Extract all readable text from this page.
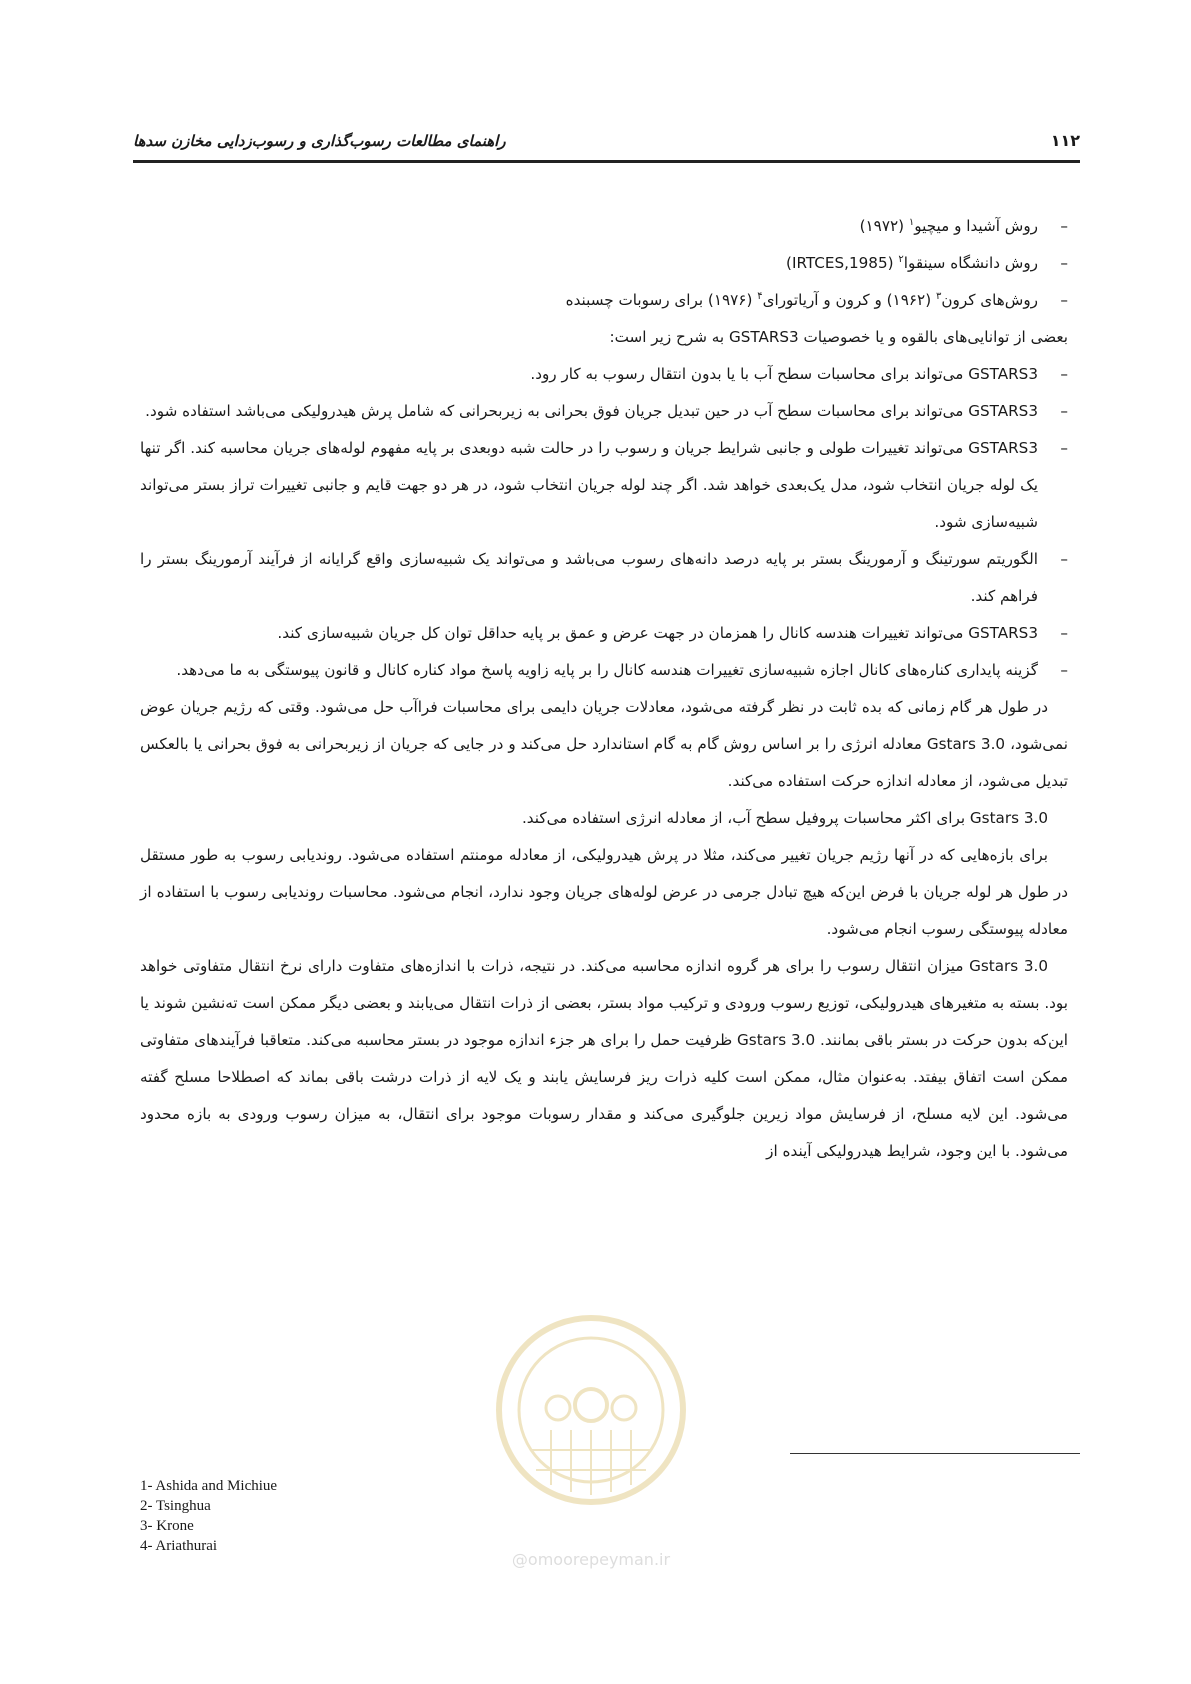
راهنمای مطالعات رسوب‌گذاری و رسوب‌زدایی مخازن سدها	۱۱۲
– روش آشیدا و میچیو$^۱$ (۱۹۷۲)
– روش دانشگاه سینقوا$^۲$ (IRTCES,1985)
– روش‌های کرون$^۳$ (۱۹۶۲) و کرون و آریاتورای$^۴$ (۱۹۷۶) برای رسوبات چسبنده

بعضی از توانایی‌های بالقوه و یا خصوصیات GSTARS3 به شرح زیر است:

– GSTARS3 می‌تواند برای محاسبات سطح آب با یا بدون انتقال رسوب به کار رود.
– GSTARS3 می‌تواند برای محاسبات سطح آب در حین تبدیل جریان فوق بحرانی به زیربحرانی که شامل پرش هیدرولیکی می‌باشد استفاده شود.
– GSTARS3 می‌تواند تغییرات طولی و جانبی شرایط جریان و رسوب را در حالت شبه دوبعدی بر پایه مفهوم لوله‌های جریان محاسبه کند. اگر تنها یک لوله جریان انتخاب شود، مدل یک‌بعدی خواهد شد. اگر چند لوله جریان انتخاب شود، در هر دو جهت قایم و جانبی تغییرات تراز بستر می‌تواند شبیه‌سازی شود.
– الگوریتم سورتینگ و آرمورینگ بستر بر پایه درصد دانه‌های رسوب می‌باشد و می‌تواند یک شبیه‌سازی واقع گرایانه از فرآیند آرمورینگ بستر را فراهم کند.
– GSTARS3 می‌تواند تغییرات هندسه کانال را همزمان در جهت عرض و عمق بر پایه حداقل توان کل جریان شبیه‌سازی کند.
– گزینه پایداری کناره‌های کانال اجازه شبیه‌سازی تغییرات هندسه کانال را بر پایه زاویه پاسخ مواد کناره کانال و قانون پیوستگی به ما می‌دهد.

در طول هر گام زمانی که بده ثابت در نظر گرفته می‌شود، معادلات جریان دایمی برای محاسبات فراآب حل می‌شود. وقتی که رژیم جریان عوض نمی‌شود، Gstars 3.0 معادله انرژی را بر اساس روش گام به گام استاندارد حل می‌کند و در جایی که جریان از زیربحرانی به فوق بحرانی یا بالعکس تبدیل می‌شود، از معادله اندازه حرکت استفاده می‌کند.

Gstars 3.0 برای اکثر محاسبات پروفیل سطح آب، از معادله انرژی استفاده می‌کند.

برای بازه‌هایی که در آنها رژیم جریان تغییر می‌کند، مثلا در پرش هیدرولیکی، از معادله مومنتم استفاده می‌شود. روندیابی رسوب به طور مستقل در طول هر لوله جریان با فرض این‌که هیچ تبادل جرمی در عرض لوله‌های جریان وجود ندارد، انجام می‌شود. محاسبات روندیابی رسوب با استفاده از معادله پیوستگی رسوب انجام می‌شود.

Gstars 3.0 میزان انتقال رسوب را برای هر گروه اندازه محاسبه می‌کند. در نتیجه، ذرات با اندازه‌های متفاوت دارای نرخ انتقال متفاوتی خواهد بود. بسته به متغیرهای هیدرولیکی، توزیع رسوب ورودی و ترکیب مواد بستر، بعضی از ذرات انتقال می‌یابند و بعضی دیگر ممکن است ته‌نشین شوند یا این‌که بدون حرکت در بستر باقی بمانند. Gstars 3.0 ظرفیت حمل را برای هر جزء اندازه موجود در بستر محاسبه می‌کند. متعاقبا فرآیندهای متفاوتی ممکن است اتفاق بیفتد. به‌عنوان مثال، ممکن است کلیه ذرات ریز فرسایش یابند و یک لایه از ذرات درشت باقی بماند که اصطلاحا مسلح گفته می‌شود. این لایه مسلح، از فرسایش مواد زیرین جلوگیری می‌کند و مقدار رسوبات موجود برای انتقال، به میزان رسوب ورودی به بازه محدود می‌شود. با این وجود، شرایط هیدرولیکی آینده از

@omoorepeyman.ir
1- Ashida and Michiue
2- Tsinghua
3- Krone
4- Ariathurai
